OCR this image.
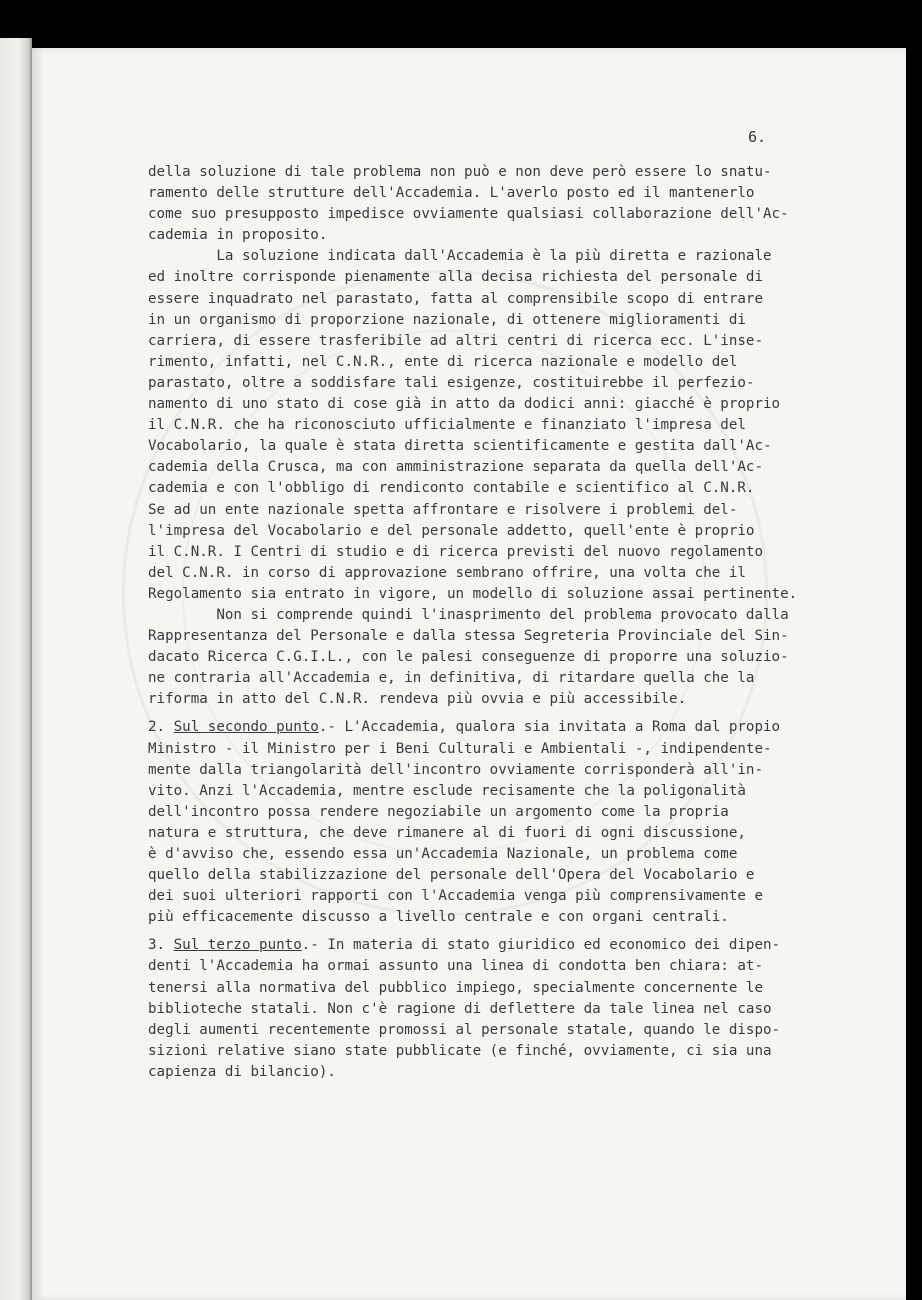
6.
della soluzione di tale problema non può e non deve però essere lo snatu-
ramento delle strutture dell'Accademia. L'averlo posto ed il mantenerlo
come suo presupposto impedisce ovviamente qualsiasi collaborazione dell'Ac-
cademia in proposito.
La soluzione indicata dall'Accademia è la più diretta e razionale
ed inoltre corrisponde pienamente alla decisa richiesta del personale di
essere inquadrato nel parastato, fatta al comprensibile scopo di entrare
in un organismo di proporzione nazionale, di ottenere miglioramenti di
carriera, di essere trasferibile ad altri centri di ricerca ecc. L'inse-
rimento, infatti, nel C.N.R., ente di ricerca nazionale e modello del
parastato, oltre a soddisfare tali esigenze, costituirebbe il perfezio-
namento di uno stato di cose già in atto da dodici anni: giacché è proprio
il C.N.R. che ha riconosciuto ufficialmente e finanziato l'impresa del
Vocabolario, la quale è stata diretta scientificamente e gestita dall'Ac-
cademia della Crusca, ma con amministrazione separata da quella dell'Ac-
cademia e con l'obbligo di rendiconto contabile e scientifico al C.N.R.
Se ad un ente nazionale spetta affrontare e risolvere i problemi del-
l'impresa del Vocabolario e del personale addetto, quell'ente è proprio
il C.N.R. I Centri di studio e di ricerca previsti del nuovo regolamento
del C.N.R. in corso di approvazione sembrano offrire, una volta che il
Regolamento sia entrato in vigore, un modello di soluzione assai pertinente.
Non si comprende quindi l'inasprimento del problema provocato dalla
Rappresentanza del Personale e dalla stessa Segreteria Provinciale del Sin-
dacato Ricerca C.G.I.L., con le palesi conseguenze di proporre una soluzio-
ne contraria all'Accademia e, in definitiva, di ritardare quella che la
riforma in atto del C.N.R. rendeva più ovvia e più accessibile.
2. Sul secondo punto.- L'Accademia, qualora sia invitata a Roma dal propio
Ministro - il Ministro per i Beni Culturali e Ambientali -, indipendente-
mente dalla triangolarità dell'incontro ovviamente corrisponderà all'in-
vito. Anzi l'Accademia, mentre esclude recisamente che la poligonalità
dell'incontro possa rendere negoziabile un argomento come la propria
natura e struttura, che deve rimanere al di fuori di ogni discussione,
è d'avviso che, essendo essa un'Accademia Nazionale, un problema come
quello della stabilizzazione del personale dell'Opera del Vocabolario e
dei suoi ulteriori rapporti con l'Accademia venga più comprensivamente e
più efficacemente discusso a livello centrale e con organi centrali.
3. Sul terzo punto.- In materia di stato giuridico ed economico dei dipen-
denti l'Accademia ha ormai assunto una linea di condotta ben chiara: at-
tenersi alla normativa del pubblico impiego, specialmente concernente le
biblioteche statali. Non c'è ragione di deflettere da tale linea nel caso
degli aumenti recentemente promossi al personale statale, quando le dispo-
sizioni relative siano state pubblicate (e finché, ovviamente, ci sia una
capienza di bilancio).
